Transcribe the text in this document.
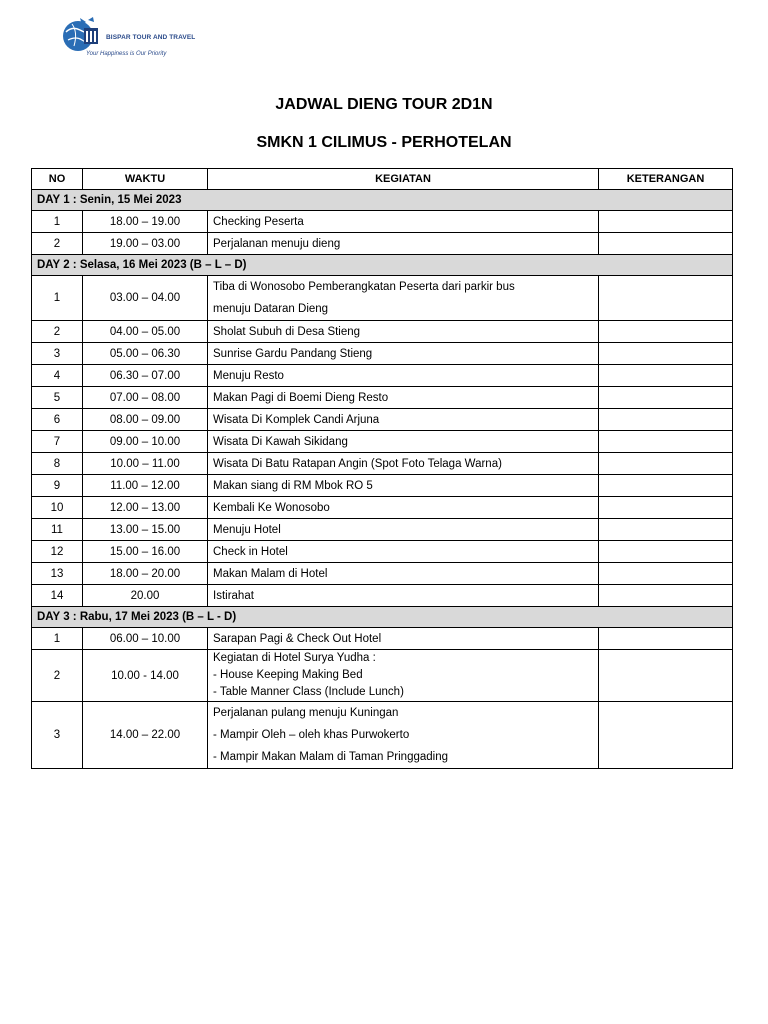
BISPAR TOUR AND TRAVEL
Your Happiness is Our Priority
JADWAL DIENG TOUR 2D1N
SMKN 1 CILIMUS - PERHOTELAN
NO	WAKTU	KEGIATAN	KETERANGAN
DAY 1 : Senin, 15 Mei 2023			
1	18.00 – 19.00	Checking Peserta	
2	19.00 – 03.00	Perjalanan menuju dieng	
DAY 2 : Selasa, 16 Mei 2023 (B – L – D)			
1	03.00 – 04.00	Tiba di Wonosobo Pemberangkatan Peserta dari parkir bus
menuju Dataran Dieng	

2	04.00 – 05.00	Sholat Subuh di Desa Stieng	
3	05.00 – 06.30	Sunrise Gardu Pandang Stieng	
4	06.30 – 07.00	Menuju Resto	
5	07.00 – 08.00	Makan Pagi di Boemi Dieng Resto	
6	08.00 – 09.00	Wisata Di Komplek Candi Arjuna	
7	09.00 – 10.00	Wisata Di Kawah Sikidang	
8	10.00 – 11.00	Wisata Di Batu Ratapan Angin (Spot Foto Telaga Warna)	
9	11.00 – 12.00	Makan siang di RM Mbok RO 5	
10	12.00 – 13.00	Kembali Ke Wonosobo	
11	13.00 – 15.00	Menuju Hotel	
12	15.00 – 16.00	Check in Hotel	
13	18.00 – 20.00	Makan Malam di Hotel	
14	20.00	Istirahat	
DAY 3 : Rabu, 17 Mei 2023 (B – L - D)			
1	06.00 – 10.00	Sarapan Pagi & Check Out Hotel	
2	10.00 - 14.00	Kegiatan di Hotel Surya Yudha :
- House Keeping Making Bed
- Table Manner Class (Include Lunch)	

3	14.00 – 22.00	Perjalanan pulang menuju Kuningan
- Mampir Oleh – oleh khas Purwokerto
- Mampir Makan Malam di Taman Pringgading	
